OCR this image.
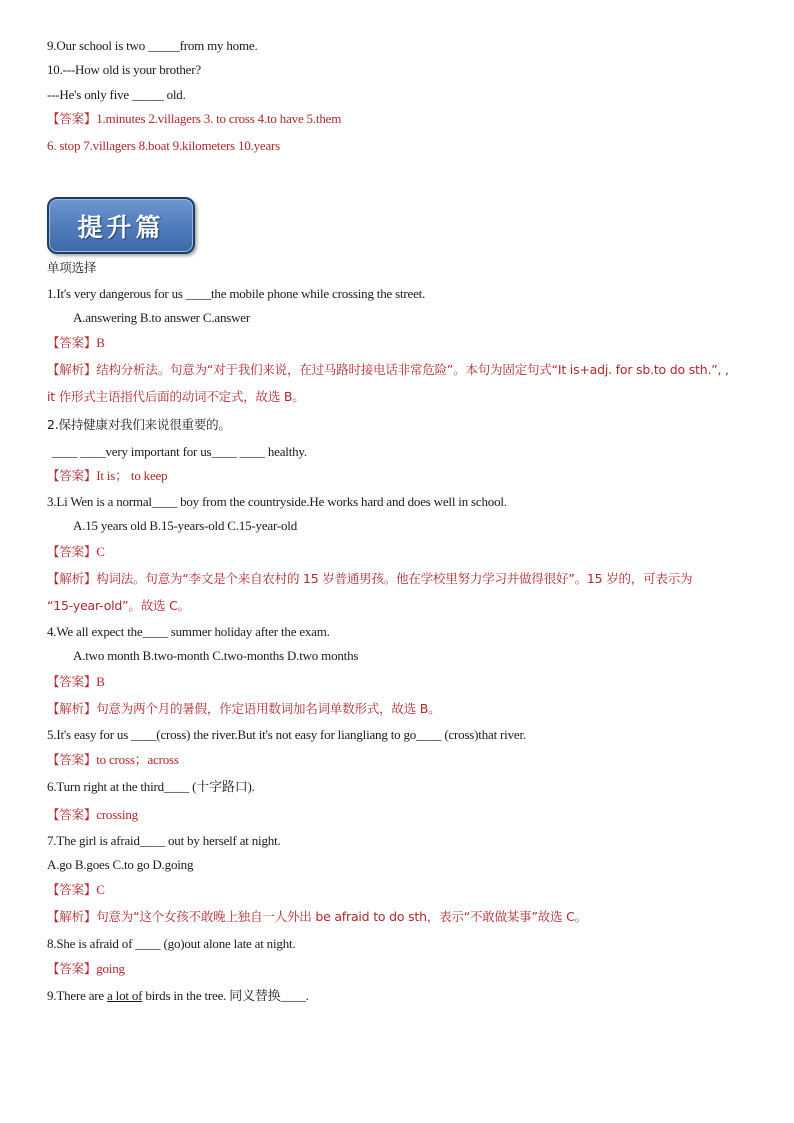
9.Our school is two _____from my home.
10.---How old is your brother?
---He's only five _____ old.
【答案】1.minutes 2.villagers 3. to cross 4.to have 5.them
6. stop 7.villagers 8.boat 9.kilometers 10.years
提升篇
单项选择
1.It's very dangerous for us ____the mobile phone while crossing the street.
A.answering B.to answer C.answer
【答案】B
【解析】结构分析法。句意为“对于我们来说，在过马路时接电话非常危险”。本句为固定句式“It is+adj. for sb.to do sth.”, ,
it 作形式主语指代后面的动词不定式，故选 B。
2.保持健康对我们来说很重要的。
____ ____very important for us____ ____ healthy.
【答案】It is； to keep
3.Li Wen is a normal____ boy from the countryside.He works hard and does well in school.
A.15 years old B.15-years-old C.15-year-old
【答案】C
【解析】构词法。句意为“李文是个来自农村的 15 岁普通男孩。他在学校里努力学习并做得很好”。15 岁的，可表示为
“15-year-old”。故选 C。
4.We all expect the____ summer holiday after the exam.
A.two month B.two-month C.two-months D.two months
【答案】B
【解析】句意为两个月的暑假，作定语用数词加名词单数形式，故选 B。
5.It's easy for us ____(cross) the river.But it's not easy for liangliang to go____ (cross)that river.
【答案】to cross；across
6.Turn right at the third____ (十字路口).
【答案】crossing
7.The girl is afraid____ out by herself at night.
A.go B.goes C.to go D.going
【答案】C
【解析】句意为“这个女孩不敢晚上独自一人外出 be afraid to do sth，表示“不敢做某事”故选 C。
8.She is afraid of ____ (go)out alone late at night.
【答案】going
9.There are a lot of birds in the tree. 同义替换____.
